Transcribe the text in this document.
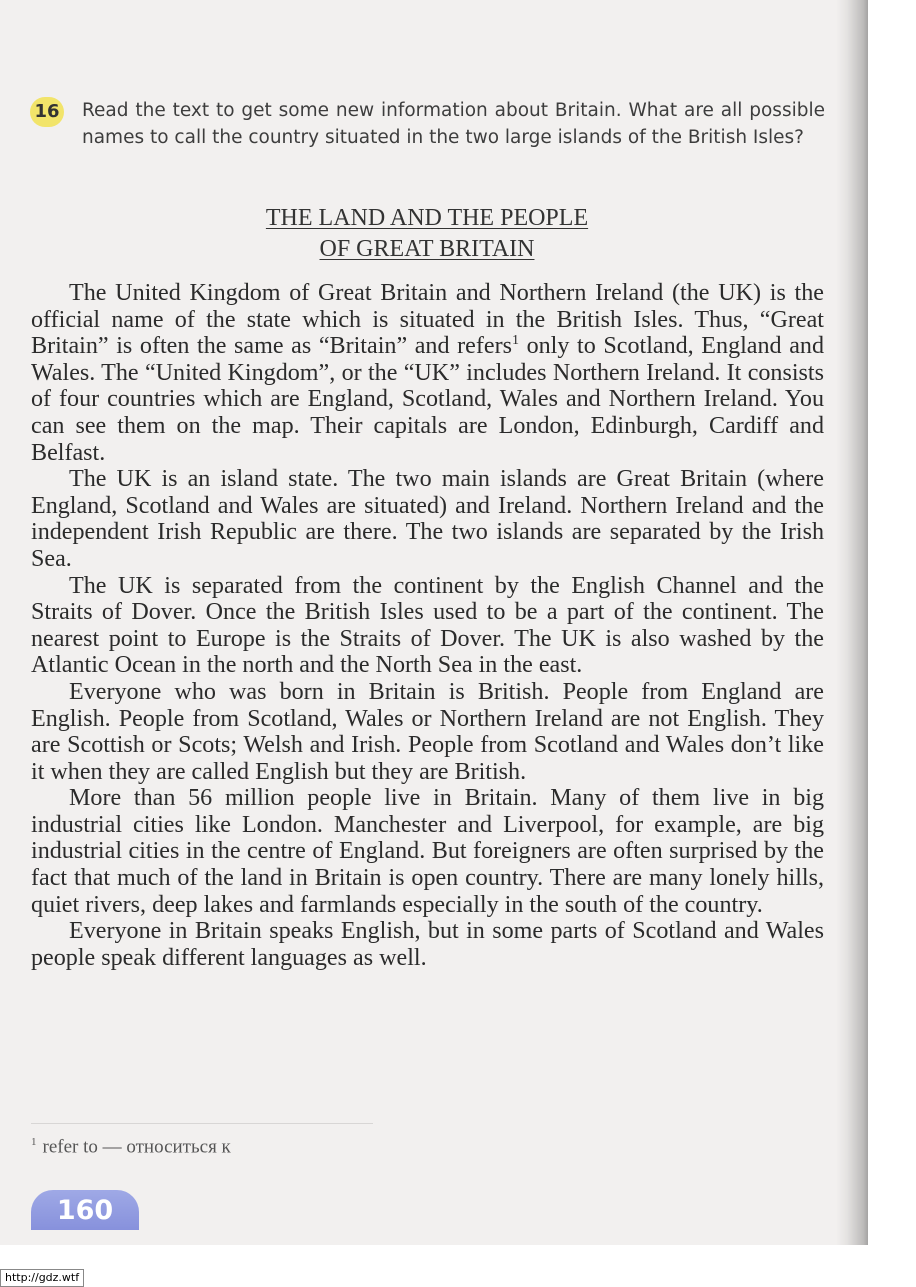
16 Read the text to get some new information about Britain. What are all possible names to call the country situated in the two large islands of the British Isles?
THE LAND AND THE PEOPLE
OF GREAT BRITAIN

The United Kingdom of Great Britain and Northern Ireland (the UK) is the official name of the state which is situated in the British Isles. Thus, “Great Britain” is often the same as “Britain” and refers$^1$ only to Scotland, England and Wales. The “United Kingdom”, or the “UK” includes Northern Ireland. It consists of four countries which are England, Scotland, Wales and Northern Ireland. You can see them on the map. Their capitals are London, Edinburgh, Cardiff and Belfast.

The UK is an island state. The two main islands are Great Britain (where England, Scotland and Wales are situated) and Ireland. Northern Ireland and the independent Irish Republic are there. The two islands are separated by the Irish Sea.

The UK is separated from the continent by the English Channel and the Straits of Dover. Once the British Isles used to be a part of the continent. The nearest point to Europe is the Straits of Dover. The UK is also washed by the Atlantic Ocean in the north and the North Sea in the east.

Everyone who was born in Britain is British. People from England are English. People from Scotland, Wales or Northern Ireland are not English. They are Scottish or Scots; Welsh and Irish. People from Scotland and Wales don’t like it when they are called English but they are British.

More than 56 million people live in Britain. Many of them live in big industrial cities like London. Manchester and Liverpool, for example, are big industrial cities in the centre of England. But foreigners are often surprised by the fact that much of the land in Britain is open country. There are many lonely hills, quiet rivers, deep lakes and farmlands especially in the south of the country.

Everyone in Britain speaks English, but in some parts of Scotland and Wales people speak different languages as well.

$^1$ refer to — относиться к
160
http://gdz.wtf
